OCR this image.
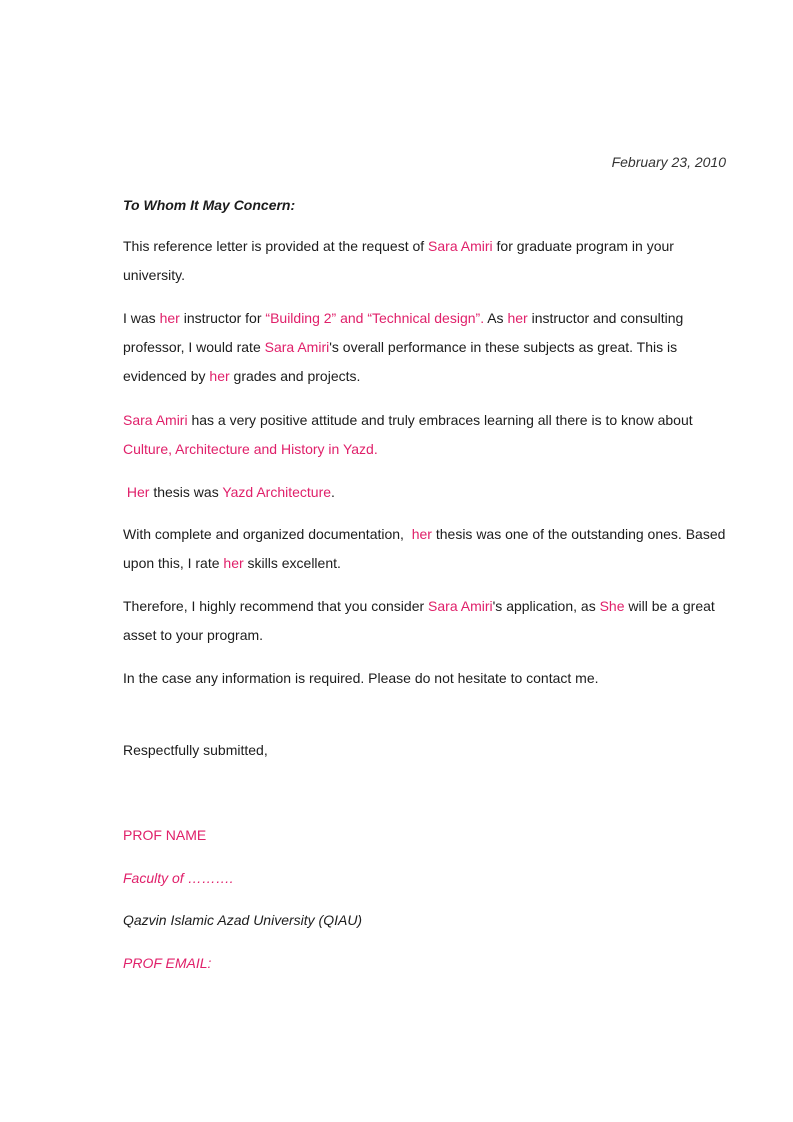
February 23, 2010
To Whom It May Concern:
This reference letter is provided at the request of Sara Amiri for graduate program in your university.
I was her instructor for “Building 2” and “Technical design”. As her instructor and consulting professor, I would rate Sara Amiri's overall performance in these subjects as great. This is evidenced by her grades and projects.
Sara Amiri has a very positive attitude and truly embraces learning all there is to know about Culture, Architecture and History in Yazd.
Her thesis was Yazd Architecture.
With complete and organized documentation,  her thesis was one of the outstanding ones. Based upon this, I rate her skills excellent.
Therefore, I highly recommend that you consider Sara Amiri's application, as She will be a great asset to your program.
In the case any information is required. Please do not hesitate to contact me.
Respectfully submitted,
PROF NAME
Faculty of ……….
Qazvin Islamic Azad University (QIAU)
PROF EMAIL:
